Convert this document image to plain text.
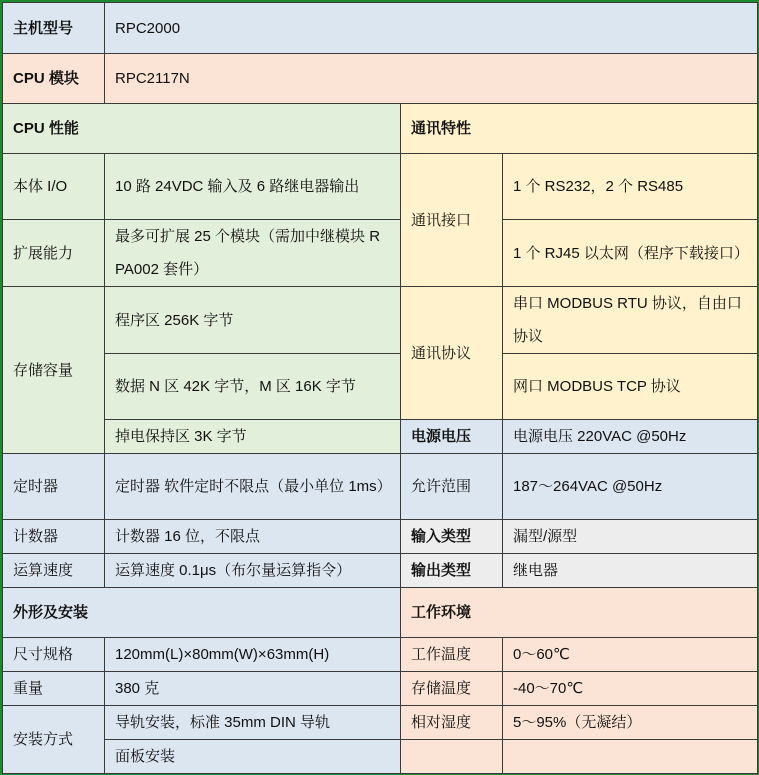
主机型号	RPC2000		
CPU 模块	RPC2117N		
CPU 性能		通讯特性	
本体 I/O	10 路 24VDC 输入及 6 路继电器输出	通讯接口	1 个 RS232，2 个 RS485
扩展能力	最多可扩展 25 个模块（需加中继模块 RPA002 套件）		1 个 RJ45 以太网（程序下载接口）
存储容量	程序区 256K 字节	通讯协议	串口 MODBUS RTU 协议，自由口协议
	数据 N 区 42K 字节，M 区 16K 字节		网口 MODBUS TCP 协议
	掉电保持区 3K 字节	电源电压	电源电压 220VAC @50Hz
定时器	定时器 软件定时不限点（最小单位 1ms）	允许范围	187～264VAC @50Hz
计数器	计数器 16 位，不限点	输入类型	漏型/源型
运算速度	运算速度 0.1μs（布尔量运算指令）	输出类型	继电器
外形及安装		工作环境	
尺寸规格	120mm(L)×80mm(W)×63mm(H)	工作温度	0～60℃
重量	380 克	存储温度	-40～70℃
安装方式	导轨安装，标准 35mm DIN 导轨	相对湿度	5～95%（无凝结）
	面板安装		
